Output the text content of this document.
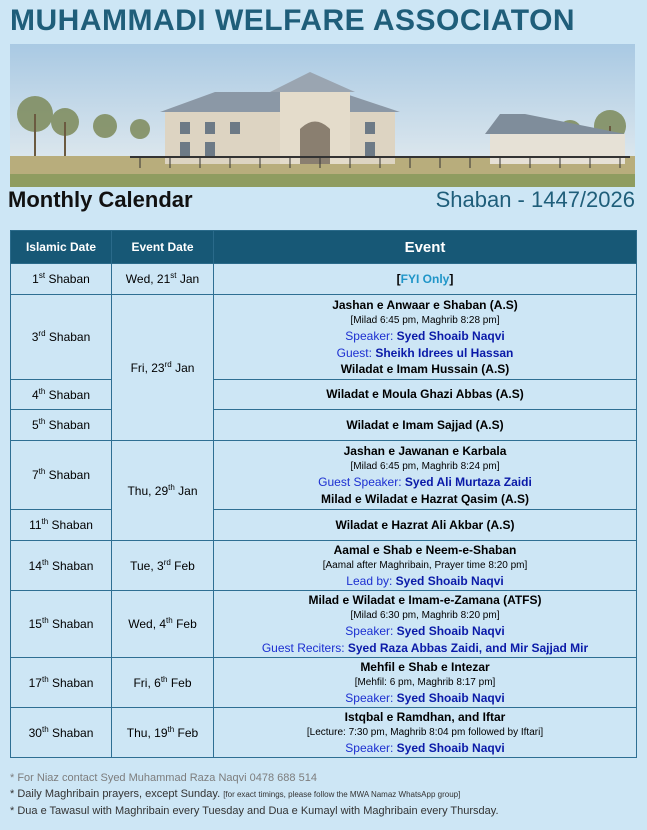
MUHAMMADI WELFARE ASSOCIATON
Monthly Calendar	Shaban - 1447/2026
Islamic Date	Event Date	Event
1st Shaban	Wed, 21st Jan	[FYI Only]

3rd Shaban	Fri, 23rd Jan	Jashan e Anwaar e Shaban (A.S)
[Milad 6:45 pm, Maghrib 8:28 pm]
Speaker: Syed Shoaib Naqvi
Guest: Sheikh Idrees ul Hassan
Wiladat e Imam Hussain (A.S)

4th Shaban		Wiladat e Moula Ghazi Abbas (A.S)

5th Shaban		Wiladat e Imam Sajjad (A.S)

7th Shaban	Thu, 29th Jan	Jashan e Jawanan e Karbala
[Milad 6:45 pm, Maghrib 8:24 pm]
Guest Speaker: Syed Ali Murtaza Zaidi
Milad e Wiladat e Hazrat Qasim (A.S)

11th Shaban		Wiladat e Hazrat Ali Akbar (A.S)

14th Shaban	Tue, 3rd Feb	Aamal e Shab e Neem-e-Shaban
[Aamal after Maghribain, Prayer time 8:20 pm]
Lead by: Syed Shoaib Naqvi

15th Shaban	Wed, 4th Feb	Milad e Wiladat e Imam-e-Zamana (ATFS)
[Milad 6:30 pm, Maghrib 8:20 pm]
Speaker: Syed Shoaib Naqvi
Guest Reciters: Syed Raza Abbas Zaidi, and Mir Sajjad Mir

17th Shaban	Fri, 6th Feb	Mehfil e Shab e Intezar
[Mehfil: 6 pm, Maghrib 8:17 pm]
Speaker: Syed Shoaib Naqvi

30th Shaban	Thu, 19th Feb	Istqbal e Ramdhan, and Iftar
[Lecture: 7:30 pm, Maghrib 8:04 pm followed by Iftari]
Speaker: Syed Shoaib Naqvi
* For Niaz contact Syed Muhammad Raza Naqvi 0478 688 514
* Daily Maghribain prayers, except Sunday. [for exact timings, please follow the MWA Namaz WhatsApp group]
* Dua e Tawasul with Maghribain every Tuesday and Dua e Kumayl with Maghribain every Thursday.
